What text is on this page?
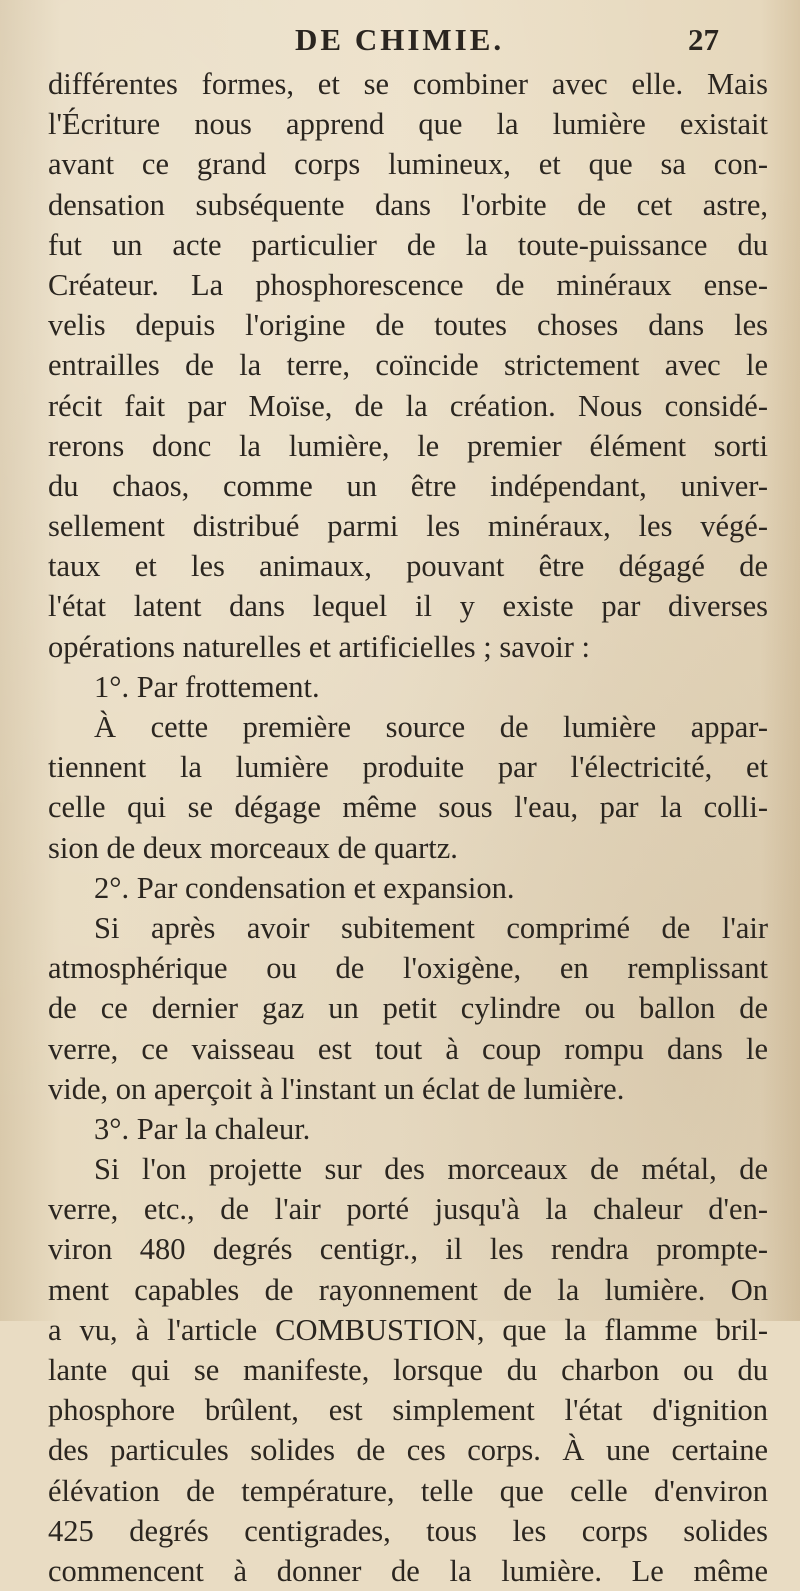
DE CHIMIE.	27
différentes formes, et se combiner avec elle. Mais
l'Écriture nous apprend que la lumière existait
avant ce grand corps lumineux, et que sa con-
densation subséquente dans l'orbite de cet astre,
fut un acte particulier de la toute-puissance du
Créateur. La phosphorescence de minéraux ense-
velis depuis l'origine de toutes choses dans les
entrailles de la terre, coïncide strictement avec le
récit fait par Moïse, de la création. Nous considé-
rerons donc la lumière, le premier élément sorti
du chaos, comme un être indépendant, univer-
sellement distribué parmi les minéraux, les végé-
taux et les animaux, pouvant être dégagé de
l'état latent dans lequel il y existe par diverses
opérations naturelles et artificielles ; savoir :
1°. Par frottement.
À cette première source de lumière appar-
tiennent la lumière produite par l'électricité, et
celle qui se dégage même sous l'eau, par la colli-
sion de deux morceaux de quartz.
2°. Par condensation et expansion.
Si après avoir subitement comprimé de l'air
atmosphérique ou de l'oxigène, en remplissant
de ce dernier gaz un petit cylindre ou ballon de
verre, ce vaisseau est tout à coup rompu dans le
vide, on aperçoit à l'instant un éclat de lumière.
3°. Par la chaleur.
Si l'on projette sur des morceaux de métal, de
verre, etc., de l'air porté jusqu'à la chaleur d'en-
viron 480 degrés centigr., il les rendra prompte-
ment capables de rayonnement de la lumière. On
a vu, à l'article COMBUSTION, que la flamme bril-
lante qui se manifeste, lorsque du charbon ou du
phosphore brûlent, est simplement l'état d'ignition
des particules solides de ces corps. À une certaine
élévation de température, telle que celle d'environ
425 degrés centigrades, tous les corps solides
commencent à donner de la lumière. Le même
